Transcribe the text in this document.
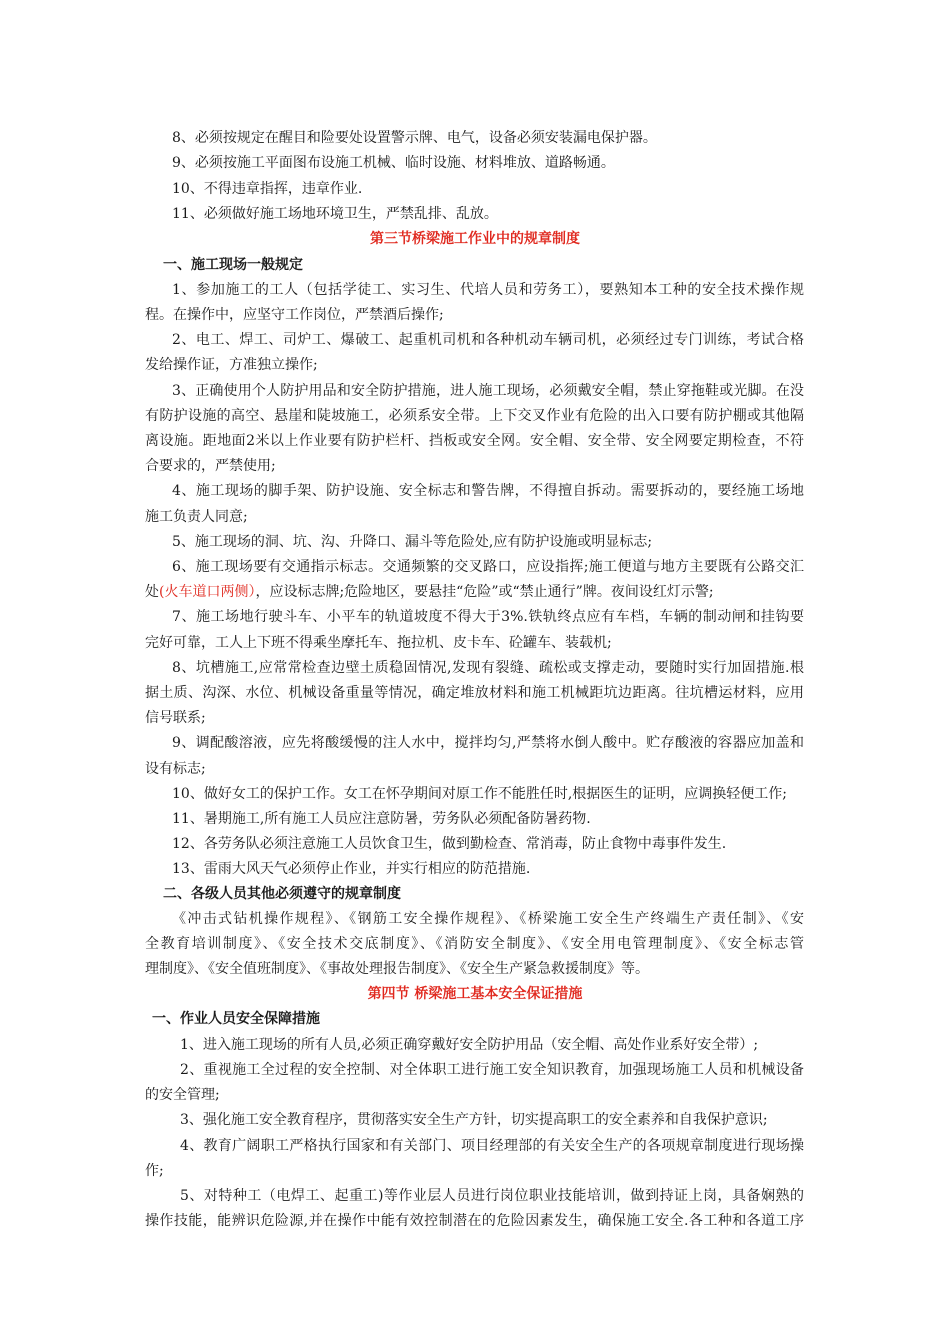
8、必须按规定在醒目和险要处设置警示牌、电气，设备必须安装漏电保护器。
9、必须按施工平面图布设施工机械、临时设施、材料堆放、道路畅通。
10、不得违章指挥，违章作业.
11、必须做好施工场地环境卫生，严禁乱排、乱放。
第三节桥梁施工作业中的规章制度
一、施工现场一般规定
1、参加施工的工人（包括学徒工、实习生、代培人员和劳务工），要熟知本工种的安全技术操作规
程。在操作中，应坚守工作岗位，严禁酒后操作;
2、电工、焊工、司炉工、爆破工、起重机司机和各种机动车辆司机，必须经过专门训练，考试合格
发给操作证，方准独立操作;
3、正确使用个人防护用品和安全防护措施，进人施工现场，必须戴安全帽，禁止穿拖鞋或光脚。在没
有防护设施的高空、悬崖和陡坡施工，必须系安全带。上下交叉作业有危险的出入口要有防护棚或其他隔
离设施。距地面2米以上作业要有防护栏杆、挡板或安全网。安全帽、安全带、安全网要定期检查，不符
合要求的，严禁使用;
4、施工现场的脚手架、防护设施、安全标志和警告牌，不得擅自拆动。需要拆动的，要经施工场地
施工负责人同意;
5、施工现场的洞、坑、沟、升降口、漏斗等危险处,应有防护设施或明显标志;
6、施工现场要有交通指示标志。交通频繁的交叉路口，应设指挥;施工便道与地方主要既有公路交汇
处(火车道口两侧），应设标志牌;危险地区，要悬挂“危险”或“禁止通行”牌。夜间设红灯示警;
7、施工场地行驶斗车、小平车的轨道坡度不得大于3%.铁轨终点应有车档，车辆的制动闸和挂钩要
完好可靠，工人上下班不得乘坐摩托车、拖拉机、皮卡车、砼罐车、装载机;
8、坑槽施工,应常常检查边壁土质稳固情况,发现有裂缝、疏松或支撑走动，要随时实行加固措施.根
据土质、沟深、水位、机械设备重量等情况，确定堆放材料和施工机械距坑边距离。往坑槽运材料，应用
信号联系;
9、调配酸溶液，应先将酸缓慢的注人水中，搅拌均匀,严禁将水倒人酸中。贮存酸液的容器应加盖和
设有标志;
10、做好女工的保护工作。女工在怀孕期间对原工作不能胜任时,根据医生的证明，应调换轻便工作;
11、暑期施工,所有施工人员应注意防暑，劳务队必须配备防暑药物.
12、各劳务队必须注意施工人员饮食卫生，做到勤检查、常消毒，防止食物中毒事件发生.
13、雷雨大风天气必须停止作业，并实行相应的防范措施.
二、各级人员其他必须遵守的规章制度
《冲击式钻机操作规程》、《钢筋工安全操作规程》、《桥梁施工安全生产终端生产责任制》、《安
全教育培训制度》、《安全技术交底制度》、《消防安全制度》、《安全用电管理制度》、《安全标志管
理制度》、《安全值班制度》、《事故处理报告制度》、《安全生产紧急救援制度》等。
第四节 桥梁施工基本安全保证措施
一、作业人员安全保障措施
1、进入施工现场的所有人员,必须正确穿戴好安全防护用品（安全帽、高处作业系好安全带）;
2、重视施工全过程的安全控制、对全体职工进行施工安全知识教育，加强现场施工人员和机械设备
的安全管理;
3、强化施工安全教育程序，贯彻落实安全生产方针，切实提高职工的安全素养和自我保护意识;
4、教育广阔职工严格执行国家和有关部门、项目经理部的有关安全生产的各项规章制度进行现场操
作;
5、对特种工（电焊工、起重工)等作业层人员进行岗位职业技能培训，做到持证上岗，具备娴熟的
操作技能，能辨识危险源,并在操作中能有效控制潜在的危险因素发生，确保施工安全.各工种和各道工序
